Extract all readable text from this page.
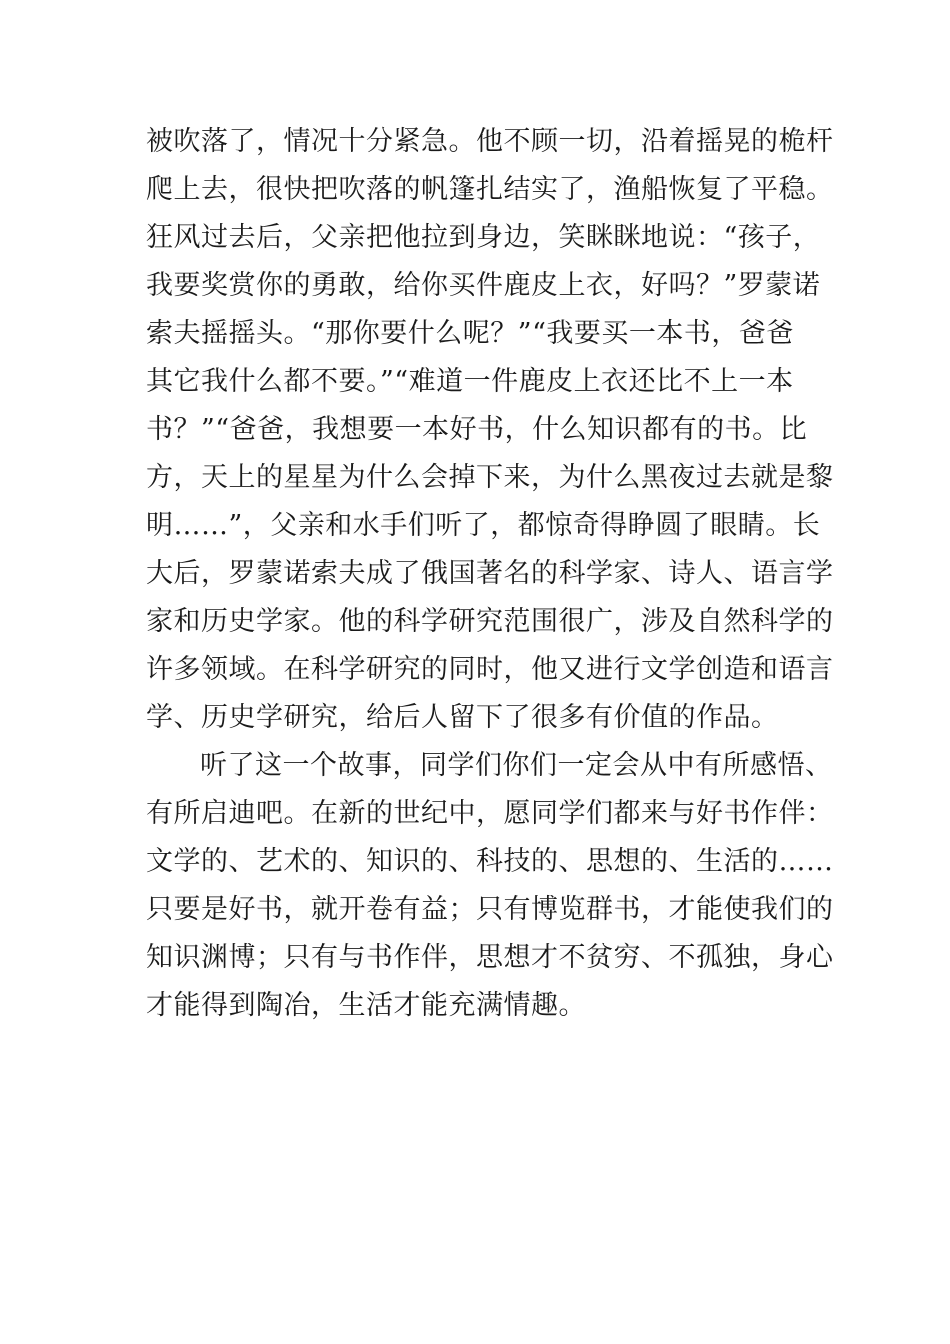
被吹落了，情况十分紧急。他不顾一切，沿着摇晃的桅杆
爬上去，很快把吹落的帆篷扎结实了，渔船恢复了平稳。
狂风过去后，父亲把他拉到身边，笑眯眯地说：“孩子，
我要奖赏你的勇敢，给你买件鹿皮上衣，好吗？”罗蒙诺
索夫摇摇头。“那你要什么呢？”“我要买一本书，爸爸
其它我什么都不要。”“难道一件鹿皮上衣还比不上一本
书？”“爸爸，我想要一本好书，什么知识都有的书。比
方，天上的星星为什么会掉下来，为什么黑夜过去就是黎
明……”，父亲和水手们听了，都惊奇得睁圆了眼睛。长
大后，罗蒙诺索夫成了俄国著名的科学家、诗人、语言学
家和历史学家。他的科学研究范围很广，涉及自然科学的
许多领域。在科学研究的同时，他又进行文学创造和语言
学、历史学研究，给后人留下了很多有价值的作品。
听了这一个故事，同学们你们一定会从中有所感悟、
有所启迪吧。在新的世纪中，愿同学们都来与好书作伴：
文学的、艺术的、知识的、科技的、思想的、生活的……
只要是好书，就开卷有益；只有博览群书，才能使我们的
知识渊博；只有与书作伴，思想才不贫穷、不孤独，身心
才能得到陶冶，生活才能充满情趣。
